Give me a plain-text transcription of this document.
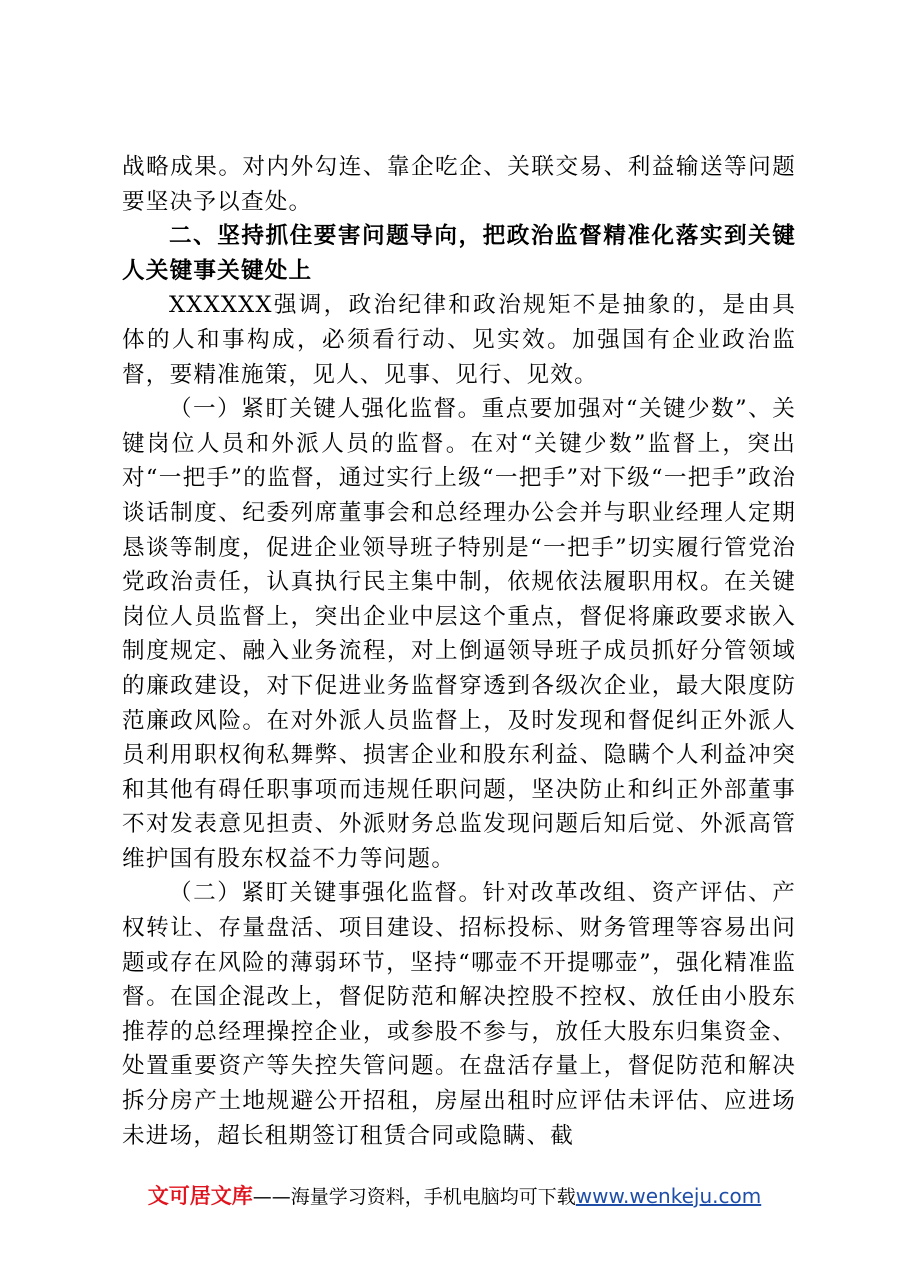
战略成果。对内外勾连、靠企吃企、关联交易、利益输送等问题要坚决予以查处。

二、坚持抓住要害问题导向，把政治监督精准化落实到关键人关键事关键处上

XXXXXX强调，政治纪律和政治规矩不是抽象的，是由具体的人和事构成，必须看行动、见实效。加强国有企业政治监督，要精准施策，见人、见事、见行、见效。

（一）紧盯关键人强化监督。重点要加强对“关键少数”、关键岗位人员和外派人员的监督。在对“关键少数”监督上，突出对“一把手”的监督，通过实行上级“一把手”对下级“一把手”政治谈话制度、纪委列席董事会和总经理办公会并与职业经理人定期恳谈等制度，促进企业领导班子特别是“一把手”切实履行管党治党政治责任，认真执行民主集中制，依规依法履职用权。在关键岗位人员监督上，突出企业中层这个重点，督促将廉政要求嵌入制度规定、融入业务流程，对上倒逼领导班子成员抓好分管领域的廉政建设，对下促进业务监督穿透到各级次企业，最大限度防范廉政风险。在对外派人员监督上，及时发现和督促纠正外派人员利用职权徇私舞弊、损害企业和股东利益、隐瞒个人利益冲突和其他有碍任职事项而违规任职问题，坚决防止和纠正外部董事不对发表意见担责、外派财务总监发现问题后知后觉、外派高管维护国有股东权益不力等问题。

（二）紧盯关键事强化监督。针对改革改组、资产评估、产权转让、存量盘活、项目建设、招标投标、财务管理等容易出问题或存在风险的薄弱环节，坚持“哪壶不开提哪壶”，强化精准监督。在国企混改上，督促防范和解决控股不控权、放任由小股东推荐的总经理操控企业，或参股不参与，放任大股东归集资金、处置重要资产等失控失管问题。在盘活存量上，督促防范和解决拆分房产土地规避公开招租，房屋出租时应评估未评估、应进场未进场，超长租期签订租赁合同或隐瞒、截

文可居文库——海量学习资料，手机电脑均可下载www.wenkeju.com
